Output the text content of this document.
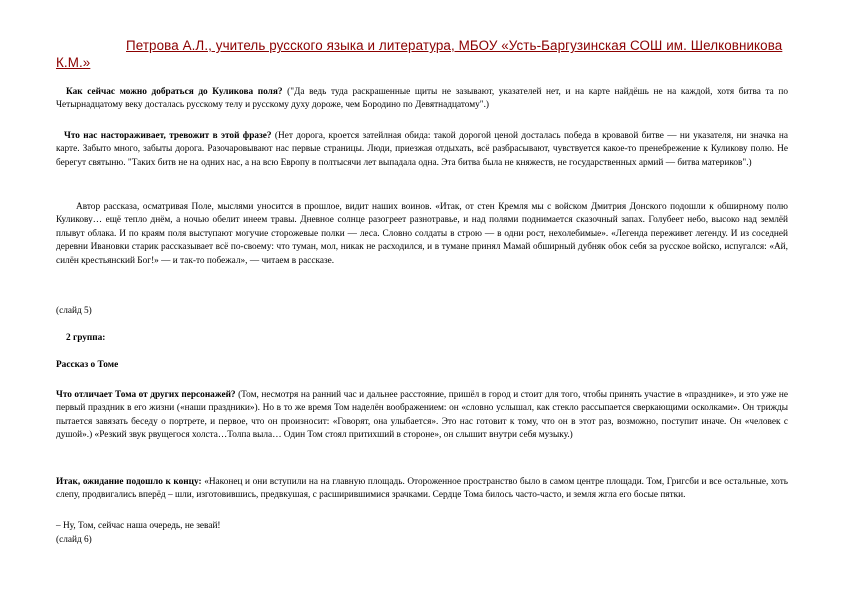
Петрова А.Л., учитель русского языка и литература, МБОУ «Усть-Баргузинская СОШ им. Шелковникова К.М.»

Как сейчас можно добраться до Куликова поля? ("Да ведь туда раскрашенные щиты не зазывают, указателей нет, и на карте найдёшь не на каждой, хотя битва та по Четырнадцатому веку досталась русскому телу и русскому духу дороже, чем Бородино по Девятнадцатому".)

Что нас настораживает, тревожит в этой фразе? (Нет дорога, кроется затейлная обида: такой дорогой ценой досталась победа в кровавой битве — ни указателя, ни значка на карте. Забыто много, забыты дорога. Разочаровывают нас первые страницы. Люди, приезжая отдыхать, всё разбрасывают, чувствуется какое-то пренебрежение к Куликову полю. Не берегут святыню. "Таких битв не на одних нас, а на всю Европу в полтысячи лет выпадала одна. Эта битва была не княжеств, не государственных армий — битва материков".)

Автор рассказа, осматривая Поле, мыслями уносится в прошлое, видит наших воинов. «Итак, от стен Кремля мы с войском Дмитрия Донского подошли к обширному полю Куликову… ещё тепло днём, а ночью обелит инеем травы. Дневное солнце разогреет разнотравье, и над полями поднимается сказочный запах. Голубеет небо, высоко над землёй плывут облака. И по краям поля выступают могучие сторожевые полки — леса. Словно солдаты в строю — в одни рост, нехолебимые». «Легенда переживет легенду. И из соседней деревни Ивановки старик рассказывает всё по-своему: что туман, мол, никак не расходился, и в тумане принял Мамай обширный дубняк обок себя за русское войско, испугался: «Ай, силён крестьянский Бог!» — и так-то побежал», — читаем в рассказе.

(слайд 5)

2 группа:

Рассказ о Томе

Что отличает Тома от других персонажей? (Том, несмотря на ранний час и дальнее расстояние, пришёл в город и стоит для того, чтобы принять участие в «празднике», и это уже не первый праздник в его жизни («наши праздники»). Но в то же время Том наделён воображением: он «словно услышал, как стекло рассыпается сверкающими осколками». Он трижды пытается завязать беседу о портрете, и первое, что он произносит: «Говорят, она улыбается». Это нас готовит к тому, что он в этот раз, возможно, поступит иначе. Он «человек с душой».) «Резкий звук рвущегося холста…Толпа выла… Один Том стоял притихший в стороне», он слышит внутри себя музыку.)

Итак, ожидание подошло к концу: «Наконец и они вступили на на главную площадь. Отороженное пространство было в самом центре площади. Том, Григсби и все остальные, хоть слепу, продвигались вперёд – шли, изготовившись, предвкушая, с расширившимися зрачками. Сердце Тома билось часто-часто, и земля жгла его босые пятки.

– Ну, Том, сейчас наша очередь, не зевай!

(слайд 6)
